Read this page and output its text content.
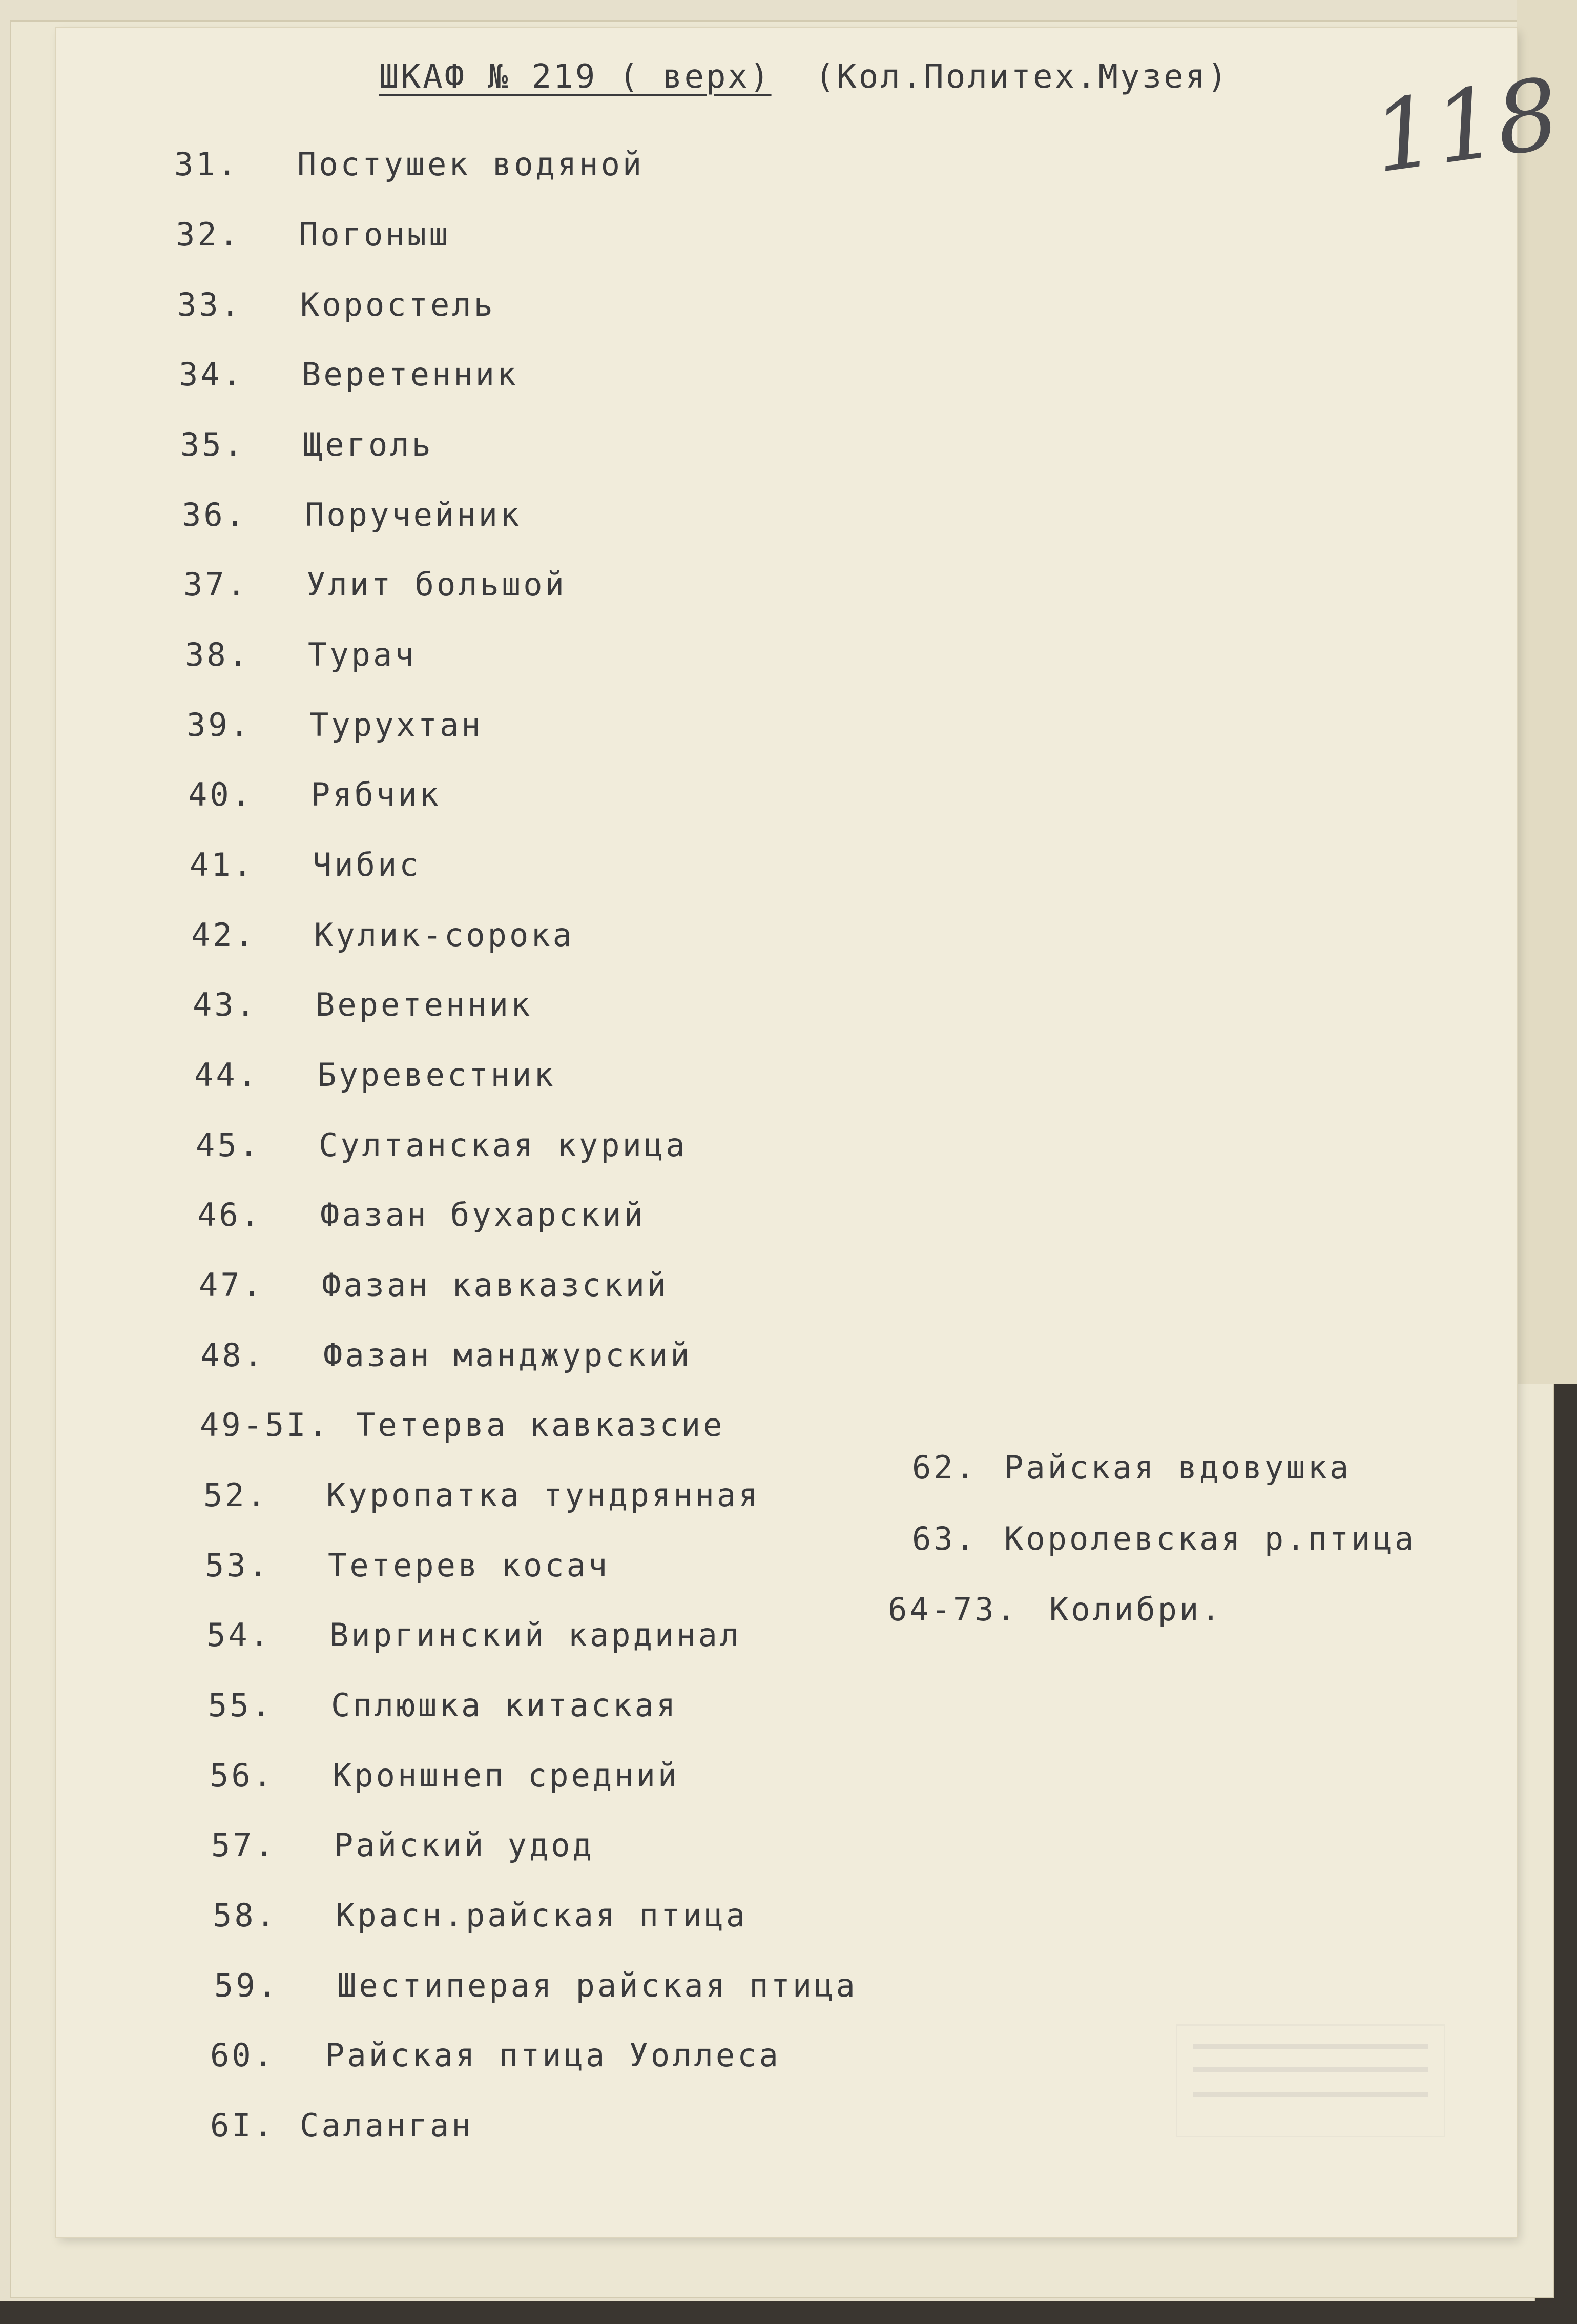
ШКАФ № 219 ( верх) (Кол.Политех.Музея) 118
31. Постушек водяной
32. Погоныш
33. Коростель
34. Веретенник
35. Щеголь
36. Поручейник
37. Улит большой
38. Турач
39. Турухтан
40. Рябчик
41. Чибис
42. Кулик-сорока
43. Веретенник
44. Буревестник
45. Султанская курица
46. Фазан бухарский
47. Фазан кавказский
48. Фазан манджурский
49-5I. Тетерва кавказсие
52. Куропатка тундрянная
53. Тетерев косач
54. Виргинский кардинал
55. Сплюшка китаская
56. Кроншнеп средний
57. Райский удод
58. Красн.райская птица
59. Шестиперая райская птица
60. Райская птица Уоллеса
6I. Саланган
62. Райская вдовушка
63. Королевская р.птица
64-73. Колибри.
